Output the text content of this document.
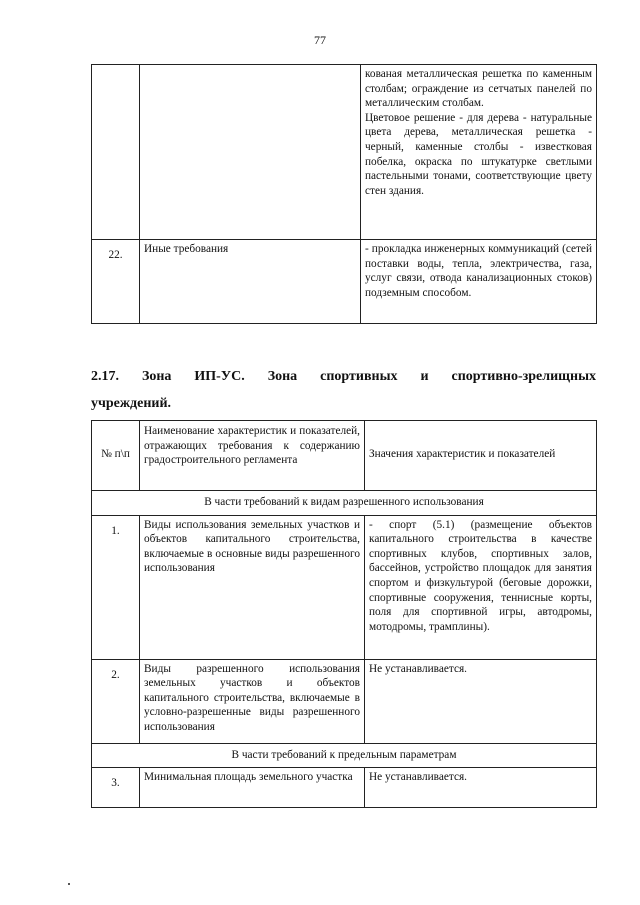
77
		кованая металлическая решетка по каменным столбам; ограждение из сетчатых панелей по металлическим столбам.
Цветовое решение - для дерева - натуральные цвета дерева, металлическая решетка - черный, каменные столбы - известковая побелка, окраска по штукатурке светлыми пастельными тонами, соответствующие цвету стен здания.
22.	Иные требования	- прокладка инженерных коммуникаций (сетей поставки воды, тепла, электричества, газа, услуг связи, отвода канализационных стоков) подземным способом.
2.17. Зона ИП-УС. Зона спортивных и спортивно-зрелищных
учреждений.
№ п\п	Наименование характеристик и показателей, отражающих требования к содержанию градостроительного регламента	Значения характеристик и показателей
В части требований к видам разрешенного использования		
1.	Виды использования земельных участков и объектов капитального строительства, включаемые в основные виды разрешенного использования	- спорт (5.1) (размещение объектов капитального строительства в качестве спортивных клубов, спортивных залов, бассейнов, устройство площадок для занятия спортом и физкультурой (беговые дорожки, спортивные сооружения, теннисные корты, поля для спортивной игры, автодромы, мотодромы, трамплины).
2.	Виды разрешенного использования земельных участков и объектов капитального строительства, включаемые в условно-разрешенные виды разрешенного использования	Не устанавливается.
В части требований к предельным параметрам		
3.	Минимальная площадь земельного участка	Не устанавливается.
